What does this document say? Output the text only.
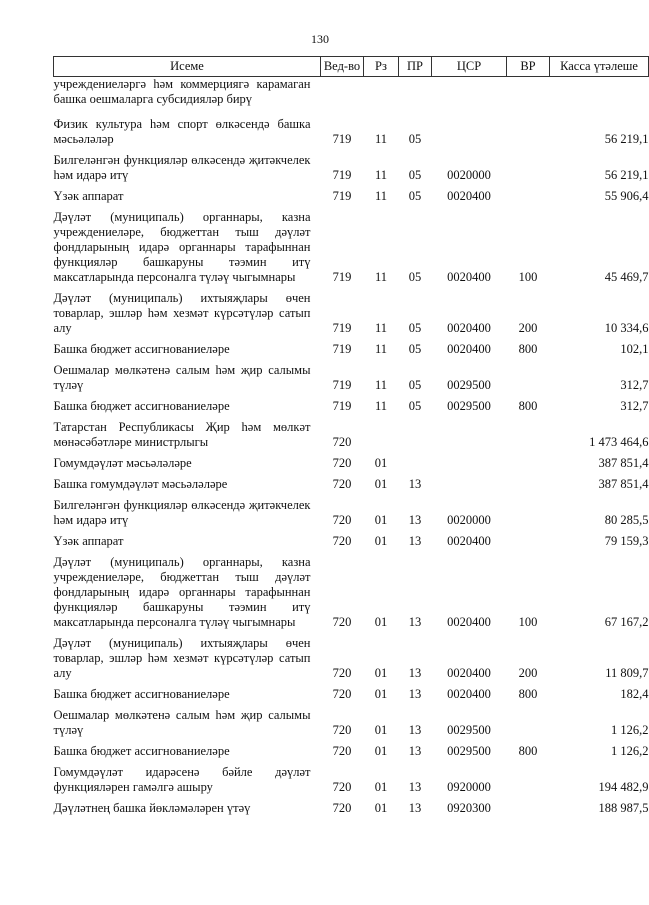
130
Исеме	Вед-во	Рз	ПР	ЦСР	ВР	Касса үтәлеше
учреждениеләргә һәм коммерциягә карамаган башка оешмаларга субсидияләр бирү						
Физик культура һәм спорт өлкәсендә башка мәсьәләләр	719	11	05			56 219,1
Билгеләнгән функцияләр өлкәсендә җитәкчелек һәм идарә итү	719	11	05	0020000		56 219,1
Үзәк аппарат	719	11	05	0020400		55 906,4
Дәүләт (муниципаль) органнары, казна учреждениеләре, бюджеттан тыш дәүләт фондларының идарә органнары тарафыннан функцияләр башкаруны тәэмин итү максатларында персоналга түләү чыгымнары	719	11	05	0020400	100	45 469,7
Дәүләт (муниципаль) ихтыяҗлары өчен товарлар, эшләр һәм хезмәт күрсәтүләр сатып алу	719	11	05	0020400	200	10 334,6
Башка бюджет ассигнованиеләре	719	11	05	0020400	800	102,1
Оешмалар мөлкәтенә салым һәм җир салымы түләү	719	11	05	0029500		312,7
Башка бюджет ассигнованиеләре	719	11	05	0029500	800	312,7
Татарстан Республикасы Җир һәм мөлкәт мөнәсәбәтләре министрлыгы	720					1 473 464,6
Гомумдәүләт мәсьәләләре	720	01				387 851,4
Башка гомумдәүләт мәсьәләләре	720	01	13			387 851,4
Билгеләнгән функцияләр өлкәсендә җитәкчелек һәм идарә итү	720	01	13	0020000		80 285,5
Үзәк аппарат	720	01	13	0020400		79 159,3
Дәүләт (муниципаль) органнары, казна учреждениеләре, бюджеттан тыш дәүләт фондларының идарә органнары тарафыннан функцияләр башкаруны тәэмин итү максатларында персоналга түләү чыгымнары	720	01	13	0020400	100	67 167,2
Дәүләт (муниципаль) ихтыяҗлары өчен товарлар, эшләр һәм хезмәт күрсәтүләр сатып алу	720	01	13	0020400	200	11 809,7
Башка бюджет ассигнованиеләре	720	01	13	0020400	800	182,4
Оешмалар мөлкәтенә салым һәм җир салымы түләү	720	01	13	0029500		1 126,2
Башка бюджет ассигнованиеләре	720	01	13	0029500	800	1 126,2
Гомумдәүләт идарәсенә бәйле дәүләт функцияләрен гамәлгә ашыру	720	01	13	0920000		194 482,9
Дәүләтнең башка йөкләмәләрен үтәү	720	01	13	0920300		188 987,5
